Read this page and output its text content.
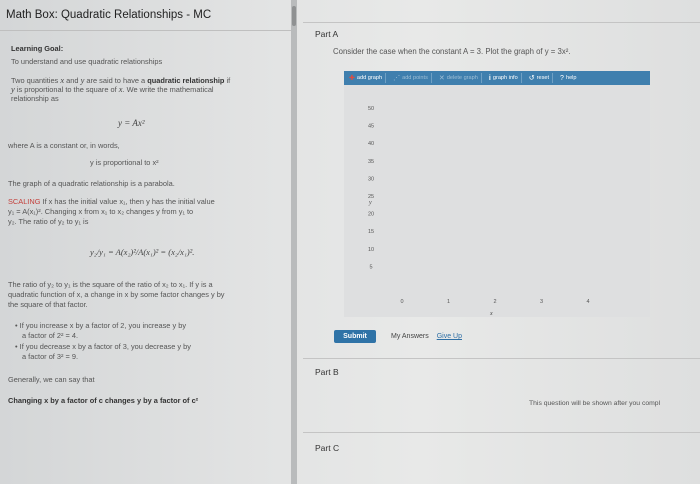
Math Box: Quadratic Relationships - MC
Learning Goal:
To understand and use quadratic relationships
Two quantities x and y are said to have a quadratic relationship if
y is proportional to the square of x. We write the mathematical
relationship as
y = Ax²
where A is a constant or, in words,
y is proportional to x²
The graph of a quadratic relationship is a parabola.
SCALING If x has the initial value x₁, then y has the initial value
y₁ = A(x₁)². Changing x from x₁ to x₂ changes y from y₁ to
y₂. The ratio of y₂ to y₁ is
y₂/y₁ = A(x₂)²/A(x₁)² = (x₂/x₁)².
The ratio of y₂ to y₁ is the square of the ratio of x₂ to x₁. If y is a
quadratic function of x, a change in x by some factor changes y by
the square of that factor.
• If you increase x by a factor of 2, you increase y by
a factor of 2² = 4.
• If you decrease x by a factor of 3, you decrease y by
a factor of 3² = 9.
Generally, we can say that
Changing x by a factor of c changes y by a factor of c²
Part A
Consider the case when the constant A = 3. Plot the graph of y = 3x².
✚ add graph ⋰ add points ✕ delete graph i graph info ↺ reset ? help
50
45
40
35
30
25
20
15
10
5
0	1	2	3	4
y
x
Submit	My Answers Give Up
Part B
This question will be shown after you compl
Part C
